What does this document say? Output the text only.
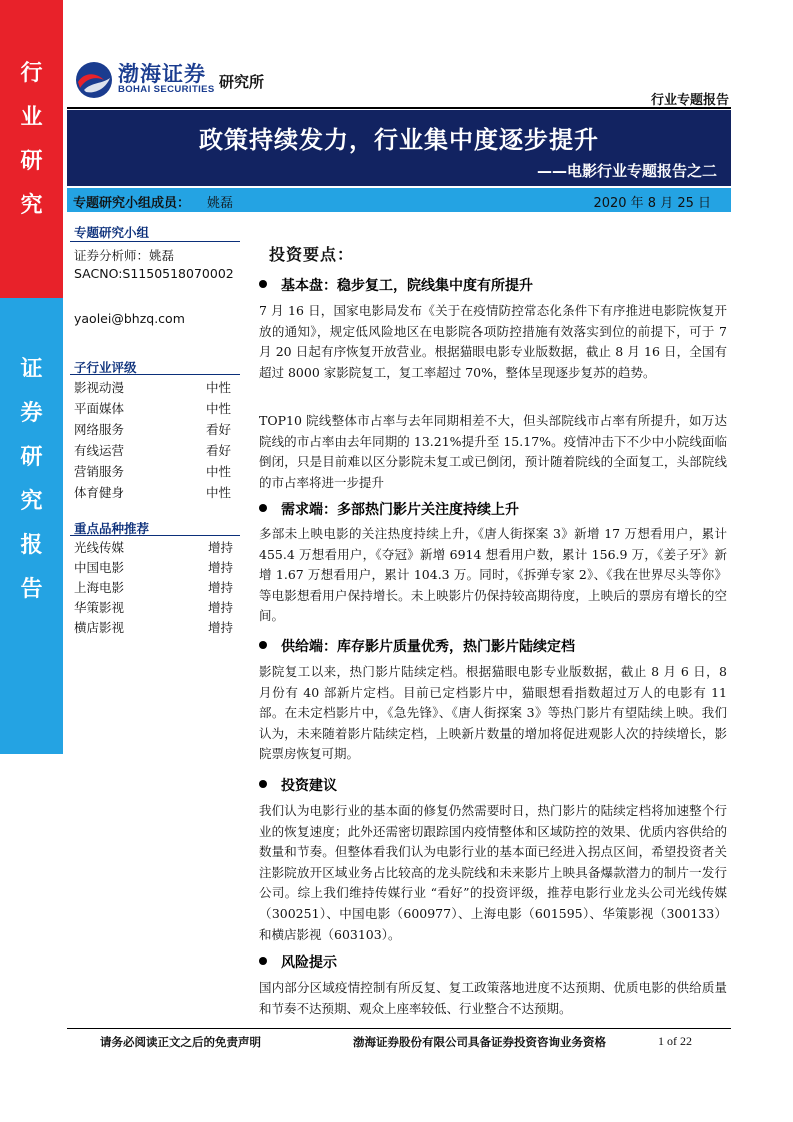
行
业
研
究
证
券
研
究
报
告
渤海证券
BOHAI SECURITIES 研究所
行业专题报告
政策持续发力，行业集中度逐步提升
——电影行业专题报告之二
专题研究小组成员： 姚磊	2020 年 8 月 25 日
专题研究小组
证券分析师：姚磊
SACNO:S1150518070002
yaolei@bhzq.com
子行业评级
影视动漫	中性
平面媒体	中性
网络服务	看好
有线运营	看好
营销服务	中性
体育健身	中性
重点品种推荐
光线传媒	增持
中国电影	增持
上海电影	增持
华策影视	增持
横店影视	增持
投资要点：
基本盘：稳步复工，院线集中度有所提升
7 月 16 日，国家电影局发布《关于在疫情防控常态化条件下有序推进电影院恢复开放的通知》，规定低风险地区在电影院各项防控措施有效落实到位的前提下，可于 7 月 20 日起有序恢复开放营业。根据猫眼电影专业版数据，截止 8 月 16 日，全国有超过 8000 家影院复工，复工率超过 70%，整体呈现逐步复苏的趋势。
TOP10 院线整体市占率与去年同期相差不大，但头部院线市占率有所提升，如万达院线的市占率由去年同期的 13.21%提升至 15.17%。疫情冲击下不少中小院线面临倒闭，只是目前难以区分影院未复工或已倒闭，预计随着院线的全面复工，头部院线的市占率将进一步提升
需求端：多部热门影片关注度持续上升
多部未上映电影的关注热度持续上升，《唐人街探案 3》新增 17 万想看用户，累计 455.4 万想看用户，《夺冠》新增 6914 想看用户数，累计 156.9 万，《姜子牙》新增 1.67 万想看用户，累计 104.3 万。同时，《拆弹专家 2》、《我在世界尽头等你》等电影想看用户保持增长。未上映影片仍保持较高期待度，上映后的票房有增长的空间。
供给端：库存影片质量优秀，热门影片陆续定档
影院复工以来，热门影片陆续定档。根据猫眼电影专业版数据，截止 8 月 6 日，8 月份有 40 部新片定档。目前已定档影片中，猫眼想看指数超过万人的电影有 11 部。在未定档影片中，《急先锋》、《唐人街探案 3》等热门影片有望陆续上映。我们认为，未来随着影片陆续定档，上映新片数量的增加将促进观影人次的持续增长，影院票房恢复可期。
投资建议
我们认为电影行业的基本面的修复仍然需要时日，热门影片的陆续定档将加速整个行业的恢复速度；此外还需密切跟踪国内疫情整体和区域防控的效果、优质内容供给的数量和节奏。但整体看我们认为电影行业的基本面已经进入拐点区间，希望投资者关注影院放开区域业务占比较高的龙头院线和未来影片上映具备爆款潜力的制片一发行公司。综上我们维持传媒行业 “看好”的投资评级，推荐电影行业龙头公司光线传媒（300251）、中国电影（600977）、上海电影（601595）、华策影视（300133）和横店影视（603103）。
风险提示
国内部分区域疫情控制有所反复、复工政策落地进度不达预期、优质电影的供给质量和节奏不达预期、观众上座率较低、行业整合不达预期。
请务必阅读正文之后的免责声明	渤海证券股份有限公司具备证券投资咨询业务资格	1 of 22
